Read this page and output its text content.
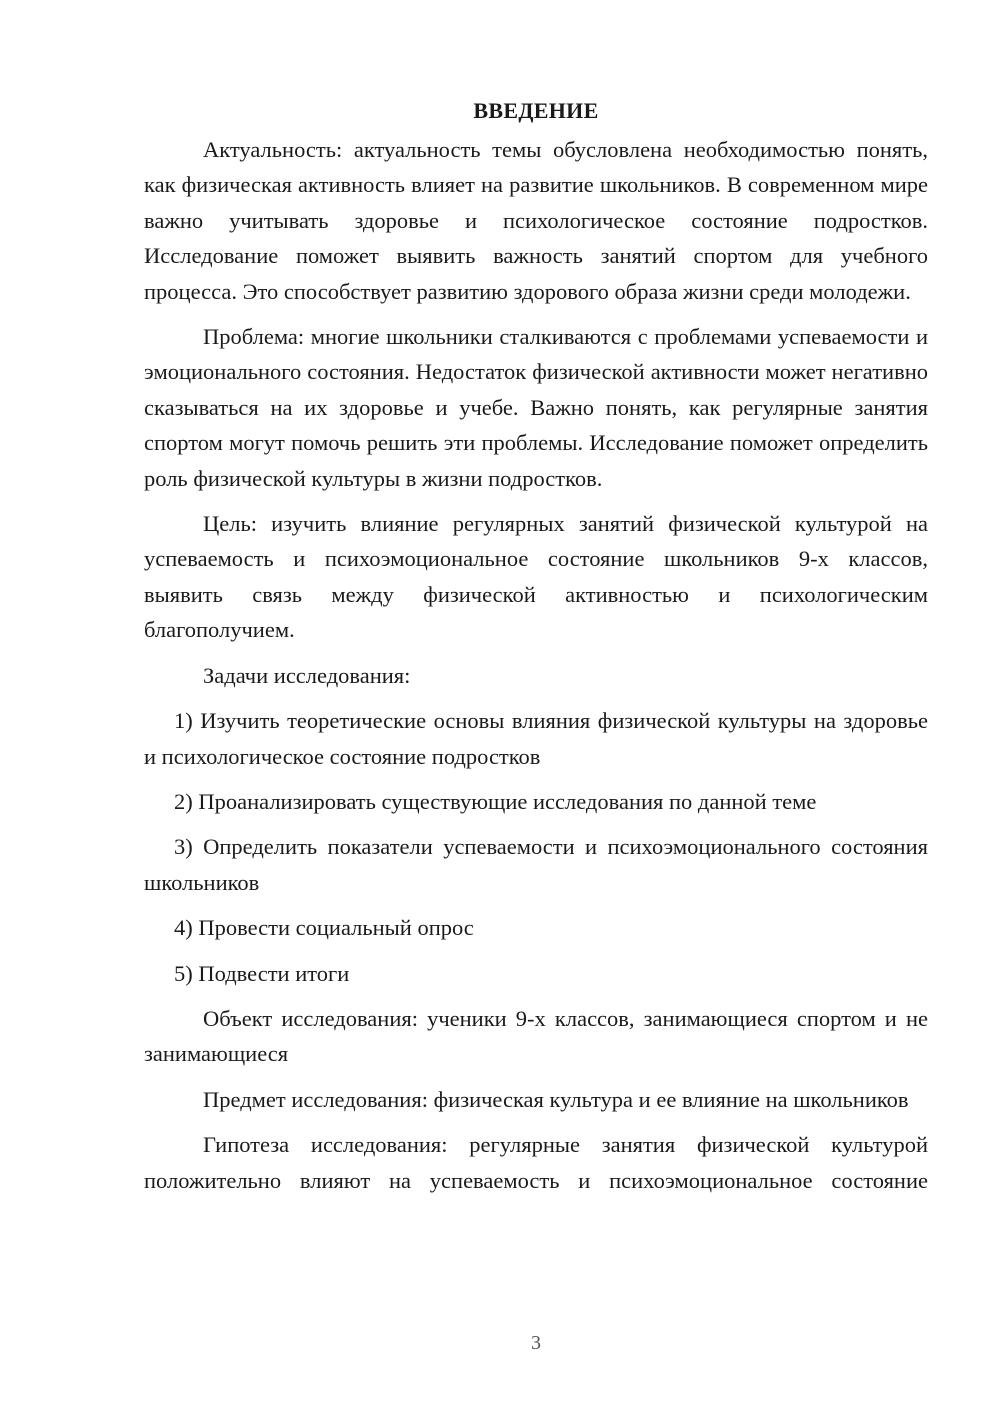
ВВЕДЕНИЕ

Актуальность: актуальность темы обусловлена необходимостью понять, как физическая активность влияет на развитие школьников. В современном мире важно учитывать здоровье и психологическое состояние подростков. Исследование поможет выявить важность занятий спортом для учебного процесса. Это способствует развитию здорового образа жизни среди молодежи.

Проблема: многие школьники сталкиваются с проблемами успеваемости и эмоционального состояния. Недостаток физической активности может негативно сказываться на их здоровье и учебе. Важно понять, как регулярные занятия спортом могут помочь решить эти проблемы. Исследование поможет определить роль физической культуры в жизни подростков.

Цель: изучить влияние регулярных занятий физической культурой на успеваемость и психоэмоциональное состояние школьников 9-х классов, выявить связь между физической активностью и психологическим благополучием.

Задачи исследования:

1) Изучить теоретические основы влияния физической культуры на здоровье и психологическое состояние подростков

2) Проанализировать существующие исследования по данной теме

3) Определить показатели успеваемости и психоэмоционального состояния школьников

4) Провести социальный опрос

5) Подвести итоги

Объект исследования: ученики 9-х классов, занимающиеся спортом и не занимающиеся

Предмет исследования: физическая культура и ее влияние на школьников

Гипотеза исследования: регулярные занятия физической культурой положительно влияют на успеваемость и психоэмоциональное состояние

3
